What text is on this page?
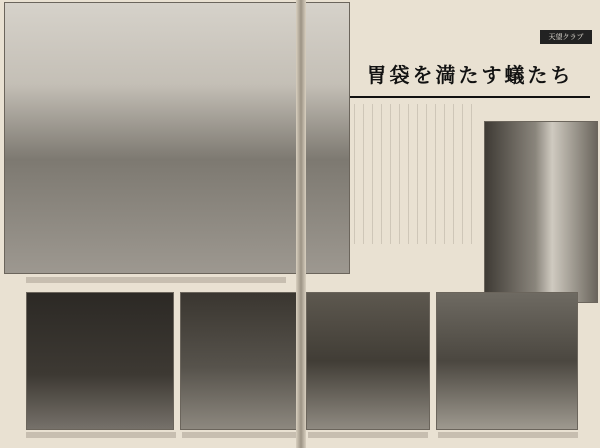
胃袋を満たす蟻たち
天望クラブ
